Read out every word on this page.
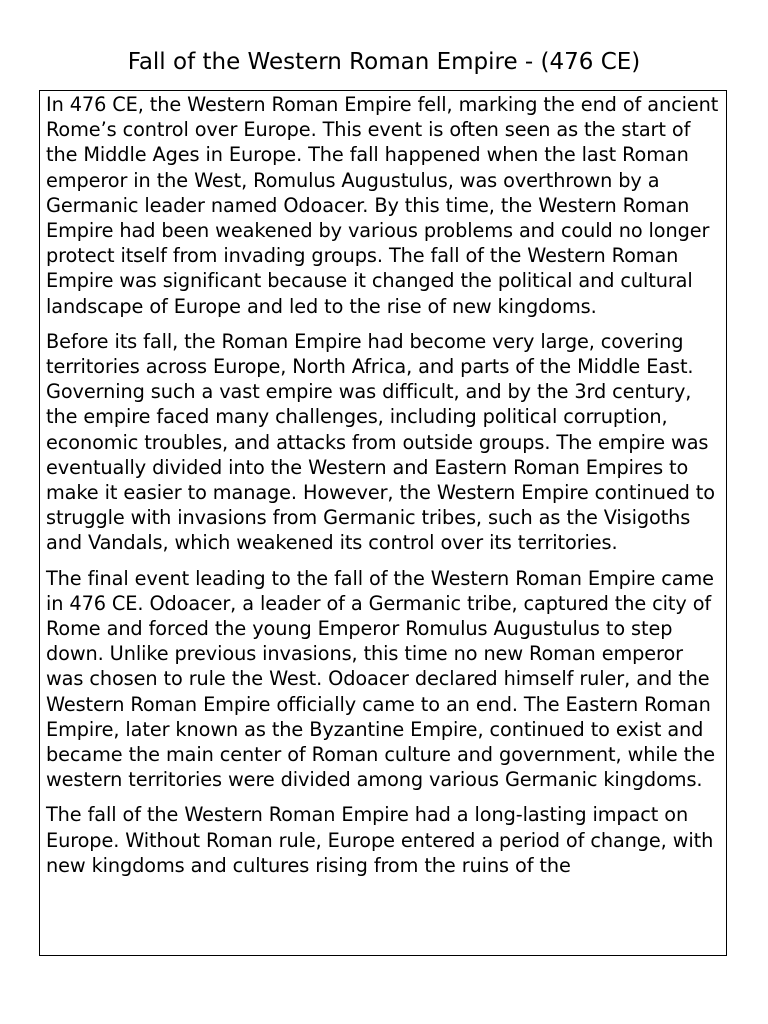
Fall of the Western Roman Empire - (476 CE)

In 476 CE, the Western Roman Empire fell, marking the end of ancient Rome’s control over Europe. This event is often seen as the start of the Middle Ages in Europe. The fall happened when the last Roman emperor in the West, Romulus Augustulus, was overthrown by a Germanic leader named Odoacer. By this time, the Western Roman Empire had been weakened by various problems and could no longer protect itself from invading groups. The fall of the Western Roman Empire was significant because it changed the political and cultural landscape of Europe and led to the rise of new kingdoms.

Before its fall, the Roman Empire had become very large, covering territories across Europe, North Africa, and parts of the Middle East. Governing such a vast empire was difficult, and by the 3rd century, the empire faced many challenges, including political corruption, economic troubles, and attacks from outside groups. The empire was eventually divided into the Western and Eastern Roman Empires to make it easier to manage. However, the Western Empire continued to struggle with invasions from Germanic tribes, such as the Visigoths and Vandals, which weakened its control over its territories.

The final event leading to the fall of the Western Roman Empire came in 476 CE. Odoacer, a leader of a Germanic tribe, captured the city of Rome and forced the young Emperor Romulus Augustulus to step down. Unlike previous invasions, this time no new Roman emperor was chosen to rule the West. Odoacer declared himself ruler, and the Western Roman Empire officially came to an end. The Eastern Roman Empire, later known as the Byzantine Empire, continued to exist and became the main center of Roman culture and government, while the western territories were divided among various Germanic kingdoms.

The fall of the Western Roman Empire had a long-lasting impact on Europe. Without Roman rule, Europe entered a period of change, with new kingdoms and cultures rising from the ruins of the
